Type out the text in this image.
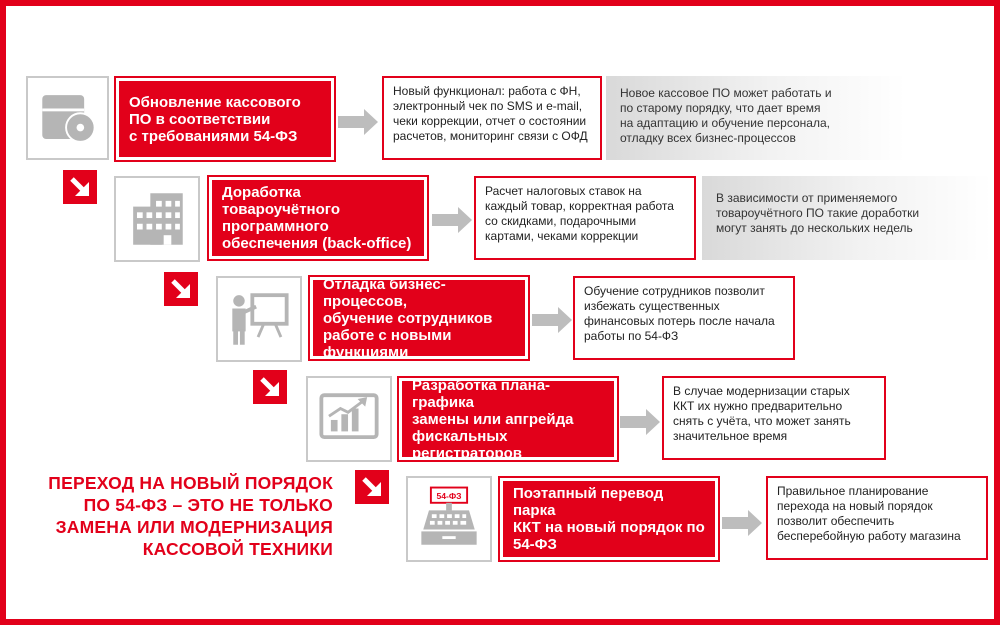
Обновление кассового
ПО в соответствии
с требованиями 54-ФЗ
Новый функционал: работа с ФН,
электронный чек по SMS и e-mail,
чеки коррекции, отчет о состоянии
расчетов, мониторинг связи с ОФД
Новое кассовое ПО может работать и
по старому порядку, что дает время
на адаптацию и обучение персонала,
отладку всех бизнес-процессов
Доработка товароучётного
программного
обеспечения (back-office)
Расчет налоговых ставок на
каждый товар, корректная работа
со скидками, подарочными
картами, чеками коррекции
В зависимости от применяемого
товароучётного ПО такие доработки
могут занять до нескольких недель
Отладка бизнес-процессов,
обучение сотрудников
работе с новыми
функциями
Обучение сотрудников позволит
избежать существенных
финансовых потерь после начала
работы по 54-ФЗ
Разработка плана-графика
замены или апгрейда
фискальных регистраторов
В случае модернизации старых
ККТ их нужно предварительно
снять с учёта, что может занять
значительное время
54-ФЗ	Поэтапный перевод парка
ККТ на новый порядок по
54-ФЗ
Правильное планирование
перехода на новый порядок
позволит обеспечить
бесперебойную работу магазина
ПЕРЕХОД НА НОВЫЙ ПОРЯДОК
ПО 54-ФЗ – ЭТО НЕ ТОЛЬКО
ЗАМЕНА ИЛИ МОДЕРНИЗАЦИЯ
КАССОВОЙ ТЕХНИКИ
